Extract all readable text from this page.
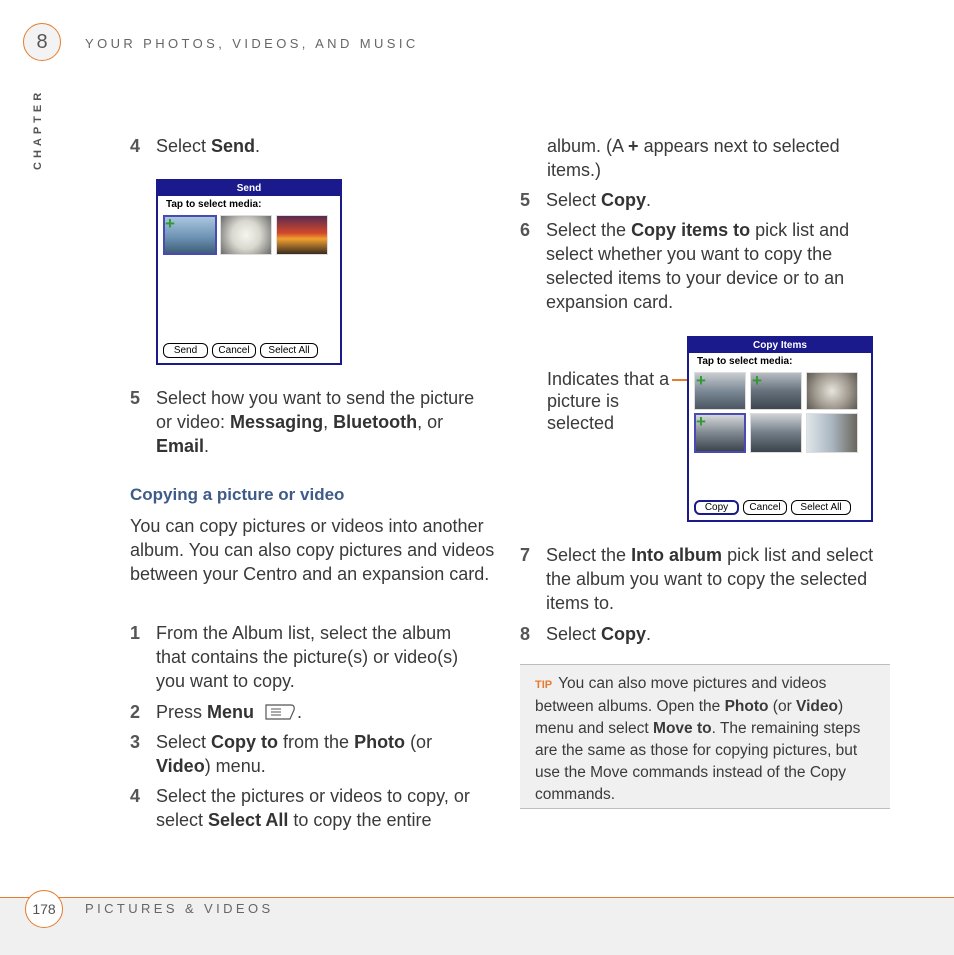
8	YOUR PHOTOS, VIDEOS, AND MUSIC
CHAPTER	4 Select Send.
Send
Tap to select media:
+
Send	Cancel	Select All
5 Select how you want to send the picture or video: Messaging, Bluetooth, or Email.
Copying a picture or video
You can copy pictures or videos into another album. You can also copy pictures and videos between your Centro and an expansion card.
1 From the Album list, select the album that contains the picture(s) or video(s) you want to copy.
2 Press Menu .
3 Select Copy to from the Photo (or Video) menu.
4 Select the pictures or videos to copy, or select Select All to copy the entire
album. (A + appears next to selected items.)
5 Select Copy.
6 Select the Copy items to pick list and select whether you want to copy the selected items to your device or to an expansion card.
Indicates that a picture is selected
Copy Items
Tap to select media:
+	+
+
Copy	Cancel	Select All
7 Select the Into album pick list and select the album you want to copy the selected items to.
8 Select Copy.
TIP You can also move pictures and videos between albums. Open the Photo (or Video) menu and select Move to. The remaining steps are the same as those for copying pictures, but use the Move commands instead of the Copy commands.
178	PICTURES & VIDEOS
